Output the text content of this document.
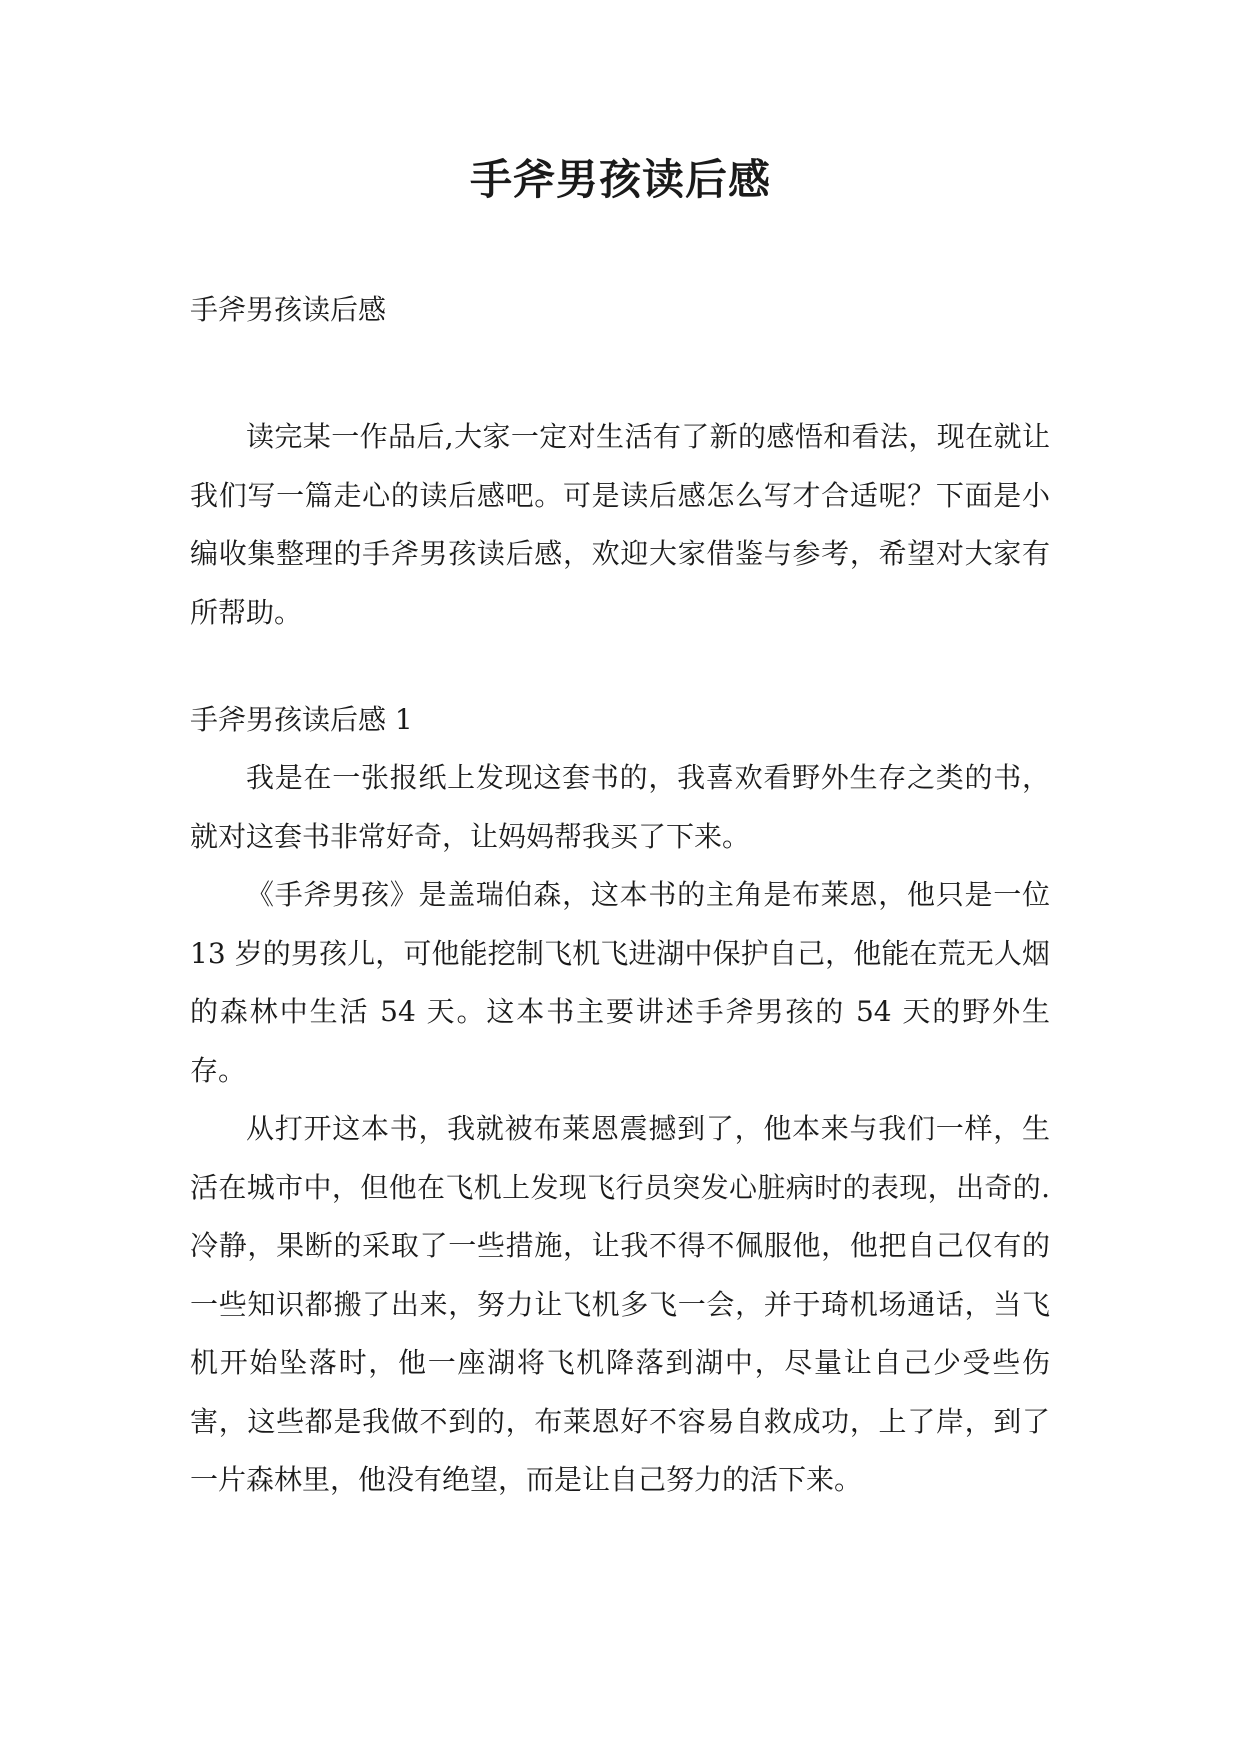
手斧男孩读后感
手斧男孩读后感

读完某一作品后,大家一定对生活有了新的感悟和看法，现在就让我们写一篇走心的读后感吧。可是读后感怎么写才合适呢？下面是小编收集整理的手斧男孩读后感，欢迎大家借鉴与参考，希望对大家有所帮助。

手斧男孩读后感 1

我是在一张报纸上发现这套书的，我喜欢看野外生存之类的书，就对这套书非常好奇，让妈妈帮我买了下来。

《手斧男孩》是盖瑞伯森，这本书的主角是布莱恩，他只是一位 13 岁的男孩儿，可他能挖制飞机飞进湖中保护自己，他能在荒无人烟的森林中生活 54 天。这本书主要讲述手斧男孩的 54 天的野外生存。

从打开这本书，我就被布莱恩震撼到了，他本来与我们一样，生活在城市中，但他在飞机上发现飞行员突发心脏病时的表现，出奇的.冷静，果断的采取了一些措施，让我不得不佩服他，他把自己仅有的一些知识都搬了出来，努力让飞机多飞一会，并于琦机场通话，当飞机开始坠落时，他一座湖将飞机降落到湖中，尽量让自己少受些伤害，这些都是我做不到的，布莱恩好不容易自救成功，上了岸，到了一片森林里，他没有绝望，而是让自己努力的活下来。
